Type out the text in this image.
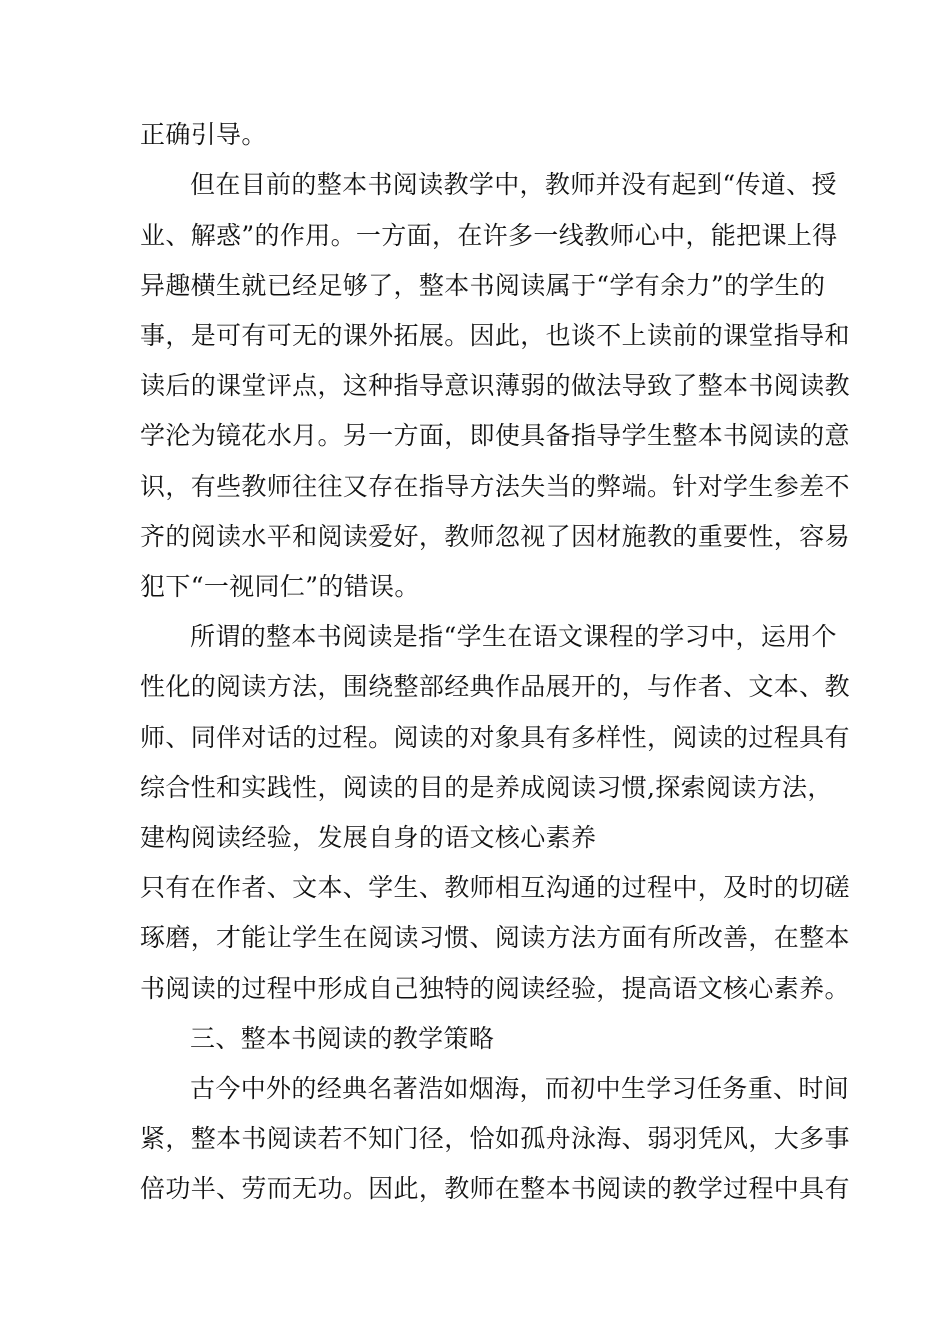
正确引导。
但在目前的整本书阅读教学中，教师并没有起到“传道、授
业、解惑”的作用。一方面，在许多一线教师心中，能把课上得
异趣横生就已经足够了，整本书阅读属于“学有余力”的学生的
事，是可有可无的课外拓展。因此，也谈不上读前的课堂指导和
读后的课堂评点，这种指导意识薄弱的做法导致了整本书阅读教
学沦为镜花水月。另一方面，即使具备指导学生整本书阅读的意
识，有些教师往往又存在指导方法失当的弊端。针对学生参差不
齐的阅读水平和阅读爱好，教师忽视了因材施教的重要性，容易
犯下“一视同仁”的错误。
所谓的整本书阅读是指“学生在语文课程的学习中，运用个
性化的阅读方法，围绕整部经典作品展开的，与作者、文本、教
师、同伴对话的过程。阅读的对象具有多样性，阅读的过程具有
综合性和实践性，阅读的目的是养成阅读习惯,探索阅读方法，
建构阅读经验，发展自身的语文核心素养
只有在作者、文本、学生、教师相互沟通的过程中，及时的切磋
琢磨，才能让学生在阅读习惯、阅读方法方面有所改善，在整本
书阅读的过程中形成自己独特的阅读经验，提高语文核心素养。
三、整本书阅读的教学策略
古今中外的经典名著浩如烟海，而初中生学习任务重、时间
紧，整本书阅读若不知门径，恰如孤舟泳海、弱羽凭风，大多事
倍功半、劳而无功。因此，教师在整本书阅读的教学过程中具有
